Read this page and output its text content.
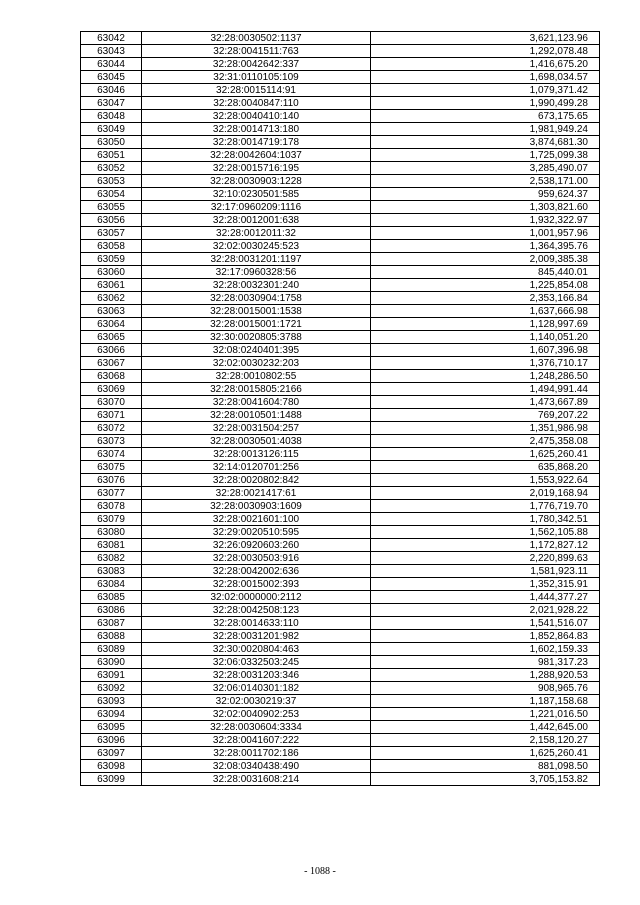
63042	32:28:0030502:1137	3,621,123.96
63043	32:28:0041511:763	1,292,078.48
63044	32:28:0042642:337	1,416,675.20
63045	32:31:0110105:109	1,698,034.57
63046	32:28:0015114:91	1,079,371.42
63047	32:28:0040847:110	1,990,499.28
63048	32:28:0040410:140	673,175.65
63049	32:28:0014713:180	1,981,949.24
63050	32:28:0014719:178	3,874,681.30
63051	32:28:0042604:1037	1,725,099.38
63052	32:28:0015716:195	3,285,490.07
63053	32:28:0030903:1228	2,538,171.00
63054	32:10:0230501:585	959,624.37
63055	32:17:0960209:1116	1,303,821.60
63056	32:28:0012001:638	1,932,322.97
63057	32:28:0012011:32	1,001,957.96
63058	32:02:0030245:523	1,364,395.76
63059	32:28:0031201:1197	2,009,385.38
63060	32:17:0960328:56	845,440.01
63061	32:28:0032301:240	1,225,854.08
63062	32:28:0030904:1758	2,353,166.84
63063	32:28:0015001:1538	1,637,666.98
63064	32:28:0015001:1721	1,128,997.69
63065	32:30:0020805:3788	1,140,051.20
63066	32:08:0240401:395	1,607,396.98
63067	32:02:0030232:203	1,376,710.17
63068	32:28:0010802:55	1,248,286.50
63069	32:28:0015805:2166	1,494,991.44
63070	32:28:0041604:780	1,473,667.89
63071	32:28:0010501:1488	769,207.22
63072	32:28:0031504:257	1,351,986.98
63073	32:28:0030501:4038	2,475,358.08
63074	32:28:0013126:115	1,625,260.41
63075	32:14:0120701:256	635,868.20
63076	32:28:0020802:842	1,553,922.64
63077	32:28:0021417:61	2,019,168.94
63078	32:28:0030903:1609	1,776,719.70
63079	32:28:0021601:100	1,780,342.51
63080	32:29:0020510:595	1,562,105.88
63081	32:26:0920603:260	1,172,827.12
63082	32:28:0030503:916	2,220,899.63
63083	32:28:0042002:636	1,581,923.11
63084	32:28:0015002:393	1,352,315.91
63085	32:02:0000000:2112	1,444,377.27
63086	32:28:0042508:123	2,021,928.22
63087	32:28:0014633:110	1,541,516.07
63088	32:28:0031201:982	1,852,864.83
63089	32:30:0020804:463	1,602,159.33
63090	32:06:0332503:245	981,317.23
63091	32:28:0031203:346	1,288,920.53
63092	32:06:0140301:182	908,965.76
63093	32:02:0030219:37	1,187,158.68
63094	32:02:0040902:253	1,221,016.50
63095	32:28:0030604:3334	1,442,645.00
63096	32:28:0041607:222	2,158,120.27
63097	32:28:0011702:186	1,625,260.41
63098	32:08:0340438:490	881,098.50
63099	32:28:0031608:214	3,705,153.82
- 1088 -
